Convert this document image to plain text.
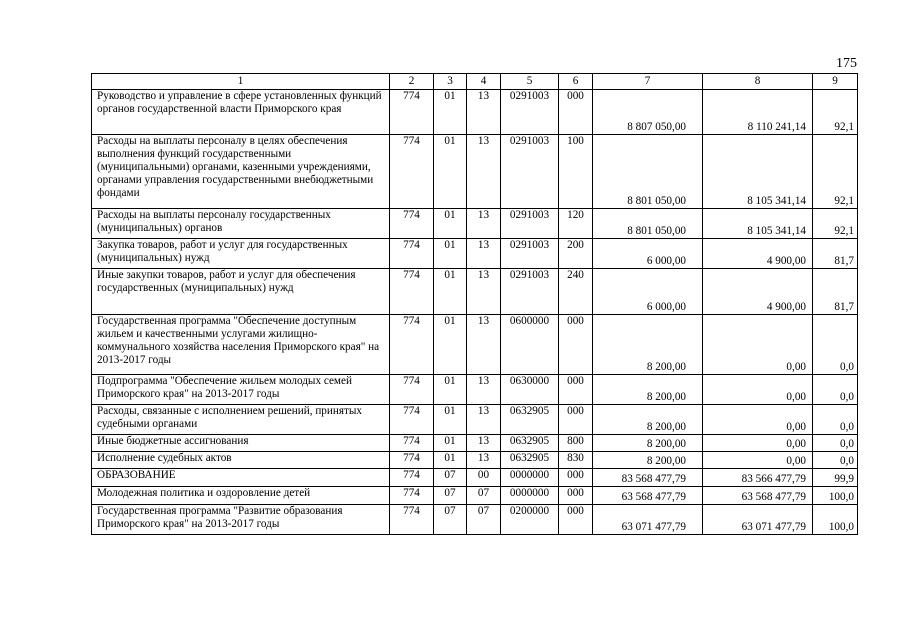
175
1	2	3	4	5	6	7	8	9
Руководство и управление в сфере установленных функций органов государственной власти Приморского края	774	01	13	0291003	000	8 807 050,00	8 110 241,14	92,1
Расходы на выплаты персоналу в целях обеспечения выполнения функций государственными (муниципальными) органами, казенными учреждениями, органами управления государственными внебюджетными фондами	774	01	13	0291003	100	8 801 050,00	8 105 341,14	92,1
Расходы на выплаты персоналу государственных (муниципальных) органов	774	01	13	0291003	120	8 801 050,00	8 105 341,14	92,1
Закупка товаров, работ и услуг для государственных (муниципальных) нужд	774	01	13	0291003	200	6 000,00	4 900,00	81,7
Иные закупки товаров, работ и услуг для обеспечения государственных (муниципальных) нужд	774	01	13	0291003	240	6 000,00	4 900,00	81,7
Государственная программа "Обеспечение доступным жильем и качественными услугами жилищно-коммунального хозяйства населения Приморского края" на 2013-2017 годы	774	01	13	0600000	000	8 200,00	0,00	0,0
Подпрограмма "Обеспечение жильем молодых семей Приморского края" на 2013-2017 годы	774	01	13	0630000	000	8 200,00	0,00	0,0
Расходы, связанные с исполнением решений, принятых судебными органами	774	01	13	0632905	000	8 200,00	0,00	0,0
Иные бюджетные ассигнования	774	01	13	0632905	800	8 200,00	0,00	0,0
Исполнение судебных актов	774	01	13	0632905	830	8 200,00	0,00	0,0
ОБРАЗОВАНИЕ	774	07	00	0000000	000	83 568 477,79	83 566 477,79	99,9
Молодежная политика и оздоровление детей	774	07	07	0000000	000	63 568 477,79	63 568 477,79	100,0
Государственная программа "Развитие образования Приморского края" на 2013-2017 годы	774	07	07	0200000	000	63 071 477,79	63 071 477,79	100,0
